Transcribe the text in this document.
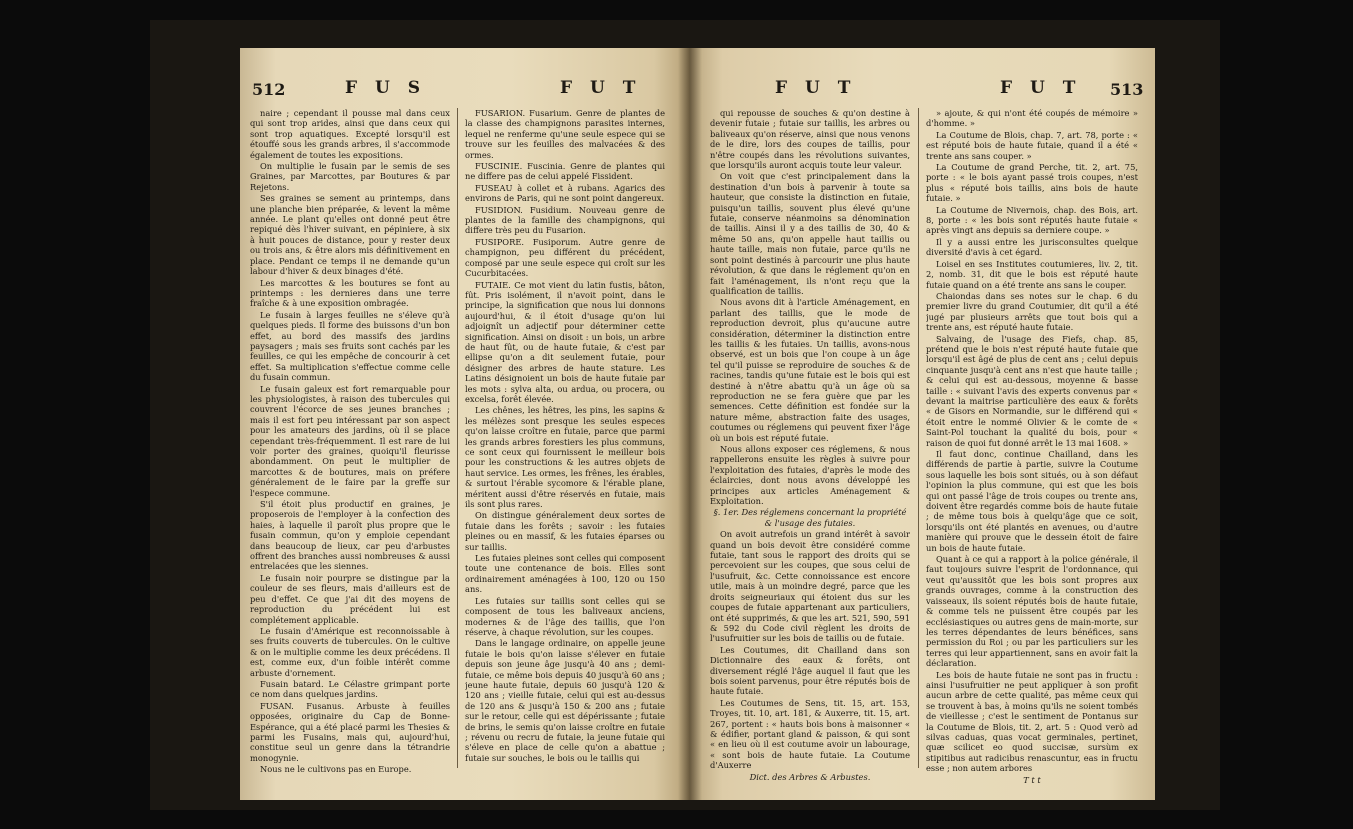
512	F U S	F U T

naire ; cependant il pousse mal dans ceux qui sont trop arides, ainsi que dans ceux qui sont trop aquatiques. Excepté lorsqu'il est étouffé sous les grands arbres, il s'accommode également de toutes les expositions.

On multiplie le fusain par le semis de ses Graines, par Marcottes, par Boutures & par Rejetons.

Ses graines se sement au printemps, dans une planche bien préparée, & levent la même année. Le plant qu'elles ont donné peut être repiqué dès l'hiver suivant, en pépiniere, à six à huit pouces de distance, pour y rester deux ou trois ans, & être alors mis définitivement en place. Pendant ce temps il ne demande qu'un labour d'hiver & deux binages d'été.

Les marcottes & les boutures se font au printemps : les dernieres dans une terre fraîche & à une exposition ombragée.

Le fusain à larges feuilles ne s'éleve qu'à quelques pieds. Il forme des buissons d'un bon effet, au bord des massifs des jardins paysagers ; mais ses fruits sont cachés par les feuilles, ce qui les empêche de concourir à cet effet. Sa multiplication s'effectue comme celle du fusain commun.

Le fusain galeux est fort remarquable pour les physiologistes, à raison des tubercules qui couvrent l'écorce de ses jeunes branches ; mais il est fort peu intéressant par son aspect pour les amateurs des jardins, où il se place cependant très-fréquemment. Il est rare de lui voir porter des graines, quoiqu'il fleurisse abondamment. On peut le multiplier de marcottes & de boutures, mais on préfere généralement de le faire par la greffe sur l'espece commune.

S'il étoit plus productif en graines, je proposerois de l'employer à la confection des haies, à laquelle il paroît plus propre que le fusain commun, qu'on y emploie cependant dans beaucoup de lieux, car peu d'arbustes offrent des branches aussi nombreuses & aussi entrelacées que les siennes.

Le fusain noir pourpre se distingue par la couleur de ses fleurs, mais d'ailleurs est de peu d'effet. Ce que j'ai dit des moyens de reproduction du précédent lui est complétement applicable.

Le fusain d'Amérique est reconnoissable à ses fruits couverts de tubercules. On le cultive & on le multiplie comme les deux précédens. Il est, comme eux, d'un foible intérêt comme arbuste d'ornement.

Fusain batard. Le Célastre grimpant porte ce nom dans quelques jardins.

FUSAN. Fusanus. Arbuste à feuilles opposées, originaire du Cap de Bonne-Espérance, qui a été placé parmi les Thesies & parmi les Fusains, mais qui, aujourd'hui, constitue seul un genre dans la tétrandrie monogynie.

Nous ne le cultivons pas en Europe.

FUSARION. Fusarium. Genre de plantes de la classe des champignons parasites internes, lequel ne renferme qu'une seule espece qui se trouve sur les feuilles des malvacées & des ormes.

FUSCINIE. Fuscinia. Genre de plantes qui ne differe pas de celui appelé Fissident.

FUSEAU à collet et à rubans. Agarics des environs de Paris, qui ne sont point dangereux.

FUSIDION. Fusidium. Nouveau genre de plantes de la famille des champignons, qui differe très peu du Fusarion.

FUSIPORE. Fusiporum. Autre genre de champignon, peu différent du précédent, composé par une seule espece qui croît sur les Cucurbitacées.

FUTAIE. Ce mot vient du latin fustis, bâton, fût. Pris isolément, il n'avoit point, dans le principe, la signification que nous lui donnons aujourd'hui, & il étoit d'usage qu'on lui adjoignît un adjectif pour déterminer cette signification. Ainsi on disoit : un bois, un arbre de haut fût, ou de haute futaie, & c'est par ellipse qu'on a dit seulement futaie, pour désigner des arbres de haute stature. Les Latins désignoient un bois de haute futaie par les mots : sylva alta, ou ardua, ou procera, ou excelsa, forêt élevée.

Les chênes, les hêtres, les pins, les sapins & les mélèzes sont presque les seules especes qu'on laisse croître en futaie, parce que parmi les grands arbres forestiers les plus communs, ce sont ceux qui fournissent le meilleur bois pour les constructions & les autres objets de haut service. Les ormes, les frênes, les érables, & surtout l'érable sycomore & l'érable plane, méritent aussi d'être réservés en futaie, mais ils sont plus rares.

On distingue généralement deux sortes de futaie dans les forêts ; savoir : les futaies pleines ou en massif, & les futaies éparses ou sur taillis.

Les futaies pleines sont celles qui composent toute une contenance de bois. Elles sont ordinairement aménagées à 100, 120 ou 150 ans.

Les futaies sur taillis sont celles qui se composent de tous les baliveaux anciens, modernes & de l'âge des taillis, que l'on réserve, à chaque révolution, sur les coupes.

Dans le langage ordinaire, on appelle jeune futaie le bois qu'on laisse s'élever en futaie depuis son jeune âge jusqu'à 40 ans ; demi-futaie, ce même bois depuis 40 jusqu'à 60 ans ; jeune haute futaie, depuis 60 jusqu'à 120 & 120 ans ; vieille futaie, celui qui est au-dessus de 120 ans & jusqu'à 150 & 200 ans ; futaie sur le retour, celle qui est dépérissante ; futaie de brins, le semis qu'on laisse croître en futaie ; révenu ou recru de futaie, la jeune futaie qui s'éleve en place de celle qu'on a abattue ; futaie sur souches, le bois ou le taillis qui

F U T	F U T 513

qui repousse de souches & qu'on destine à devenir futaie ; futaie sur taillis, les arbres ou baliveaux qu'on réserve, ainsi que nous venons de le dire, lors des coupes de taillis, pour n'être coupés dans les révolutions suivantes, que lorsqu'ils auront acquis toute leur valeur.

On voit que c'est principalement dans la destination d'un bois à parvenir à toute sa hauteur, que consiste la distinction en futaie, puisqu'un taillis, souvent plus élevé qu'une futaie, conserve néanmoins sa dénomination de taillis. Ainsi il y a des taillis de 30, 40 & même 50 ans, qu'on appelle haut taillis ou haute taille, mais non futaie, parce qu'ils ne sont point destinés à parcourir une plus haute révolution, & que dans le réglement qu'on en fait l'aménagement, ils n'ont reçu que la qualification de taillis.

Nous avons dit à l'article Aménagement, en parlant des taillis, que le mode de reproduction devroit, plus qu'aucune autre considération, déterminer la distinction entre les taillis & les futaies. Un taillis, avons-nous observé, est un bois que l'on coupe à un âge tel qu'il puisse se reproduire de souches & de racines, tandis qu'une futaie est le bois qui est destiné à n'être abattu qu'à un âge où sa reproduction ne se fera guère que par les semences. Cette définition est fondée sur la nature même, abstraction faite des usages, coutumes ou réglemens qui peuvent fixer l'âge où un bois est réputé futaie.

Nous allons exposer ces réglemens, & nous rappellerons ensuite les règles à suivre pour l'exploitation des futaies, d'après le mode des éclaircies, dont nous avons développé les principes aux articles Aménagement & Exploitation.

§. 1er. Des réglemens concernant la propriété & l'usage des futaies.

On avoit autrefois un grand intérêt à savoir quand un bois devoit être considéré comme futaie, tant sous le rapport des droits qui se percevoient sur les coupes, que sous celui de l'usufruit, &c. Cette connoissance est encore utile, mais à un moindre degré, parce que les droits seigneuriaux qui étoient dus sur les coupes de futaie appartenant aux particuliers, ont été supprimés, & que les art. 521, 590, 591 & 592 du Code civil règlent les droits de l'usufruitier sur les bois de taillis ou de futaie.

Les Coutumes, dit Chailland dans son Dictionnaire des eaux & forêts, ont diversement réglé l'âge auquel il faut que les bois soient parvenus, pour être réputés bois de haute futaie.

Les Coutumes de Sens, tit. 15, art. 153, Troyes, tit. 10, art. 181, & Auxerre, tit. 15, art. 267, portent : « hauts bois bons à maisonner « & édifier, portant gland & paisson, & qui sont « en lieu où il est coutume avoir un labourage, « sont bois de haute futaie. La Coutume d'Auxerre

Dict. des Arbres & Arbustes.

» ajoute, & qui n'ont été coupés de mémoire » d'homme. »

La Coutume de Blois, chap. 7, art. 78, porte : « est réputé bois de haute futaie, quand il a été « trente ans sans couper. »

La Coutume de grand Perche, tit. 2, art. 75, porte : « le bois ayant passé trois coupes, n'est plus « réputé bois taillis, ains bois de haute futaie. »

La Coutume de Nivernois, chap. des Bois, art. 8, porte : « les bois sont réputés haute futaie « après vingt ans depuis sa derniere coupe. »

Il y a aussi entre les jurisconsultes quelque diversité d'avis à cet égard.

Loisel en ses Institutes coutumieres, liv. 2, tit. 2, nomb. 31, dit que le bois est réputé haute futaie quand on a été trente ans sans le couper.

Chaiondas dans ses notes sur le chap. 6 du premier livre du grand Coutumier, dit qu'il a été jugé par plusieurs arrêts que tout bois qui a trente ans, est réputé haute futaie.

Salvaing, de l'usage des Fiefs, chap. 85, prétend que le bois n'est réputé haute futaie que lorsqu'il est âgé de plus de cent ans ; celui depuis cinquante jusqu'à cent ans n'est que haute taille ; & celui qui est au-dessous, moyenne & basse taille : « suivant l'avis des experts convenus par « devant la maitrise particulière des eaux & forêts « de Gisors en Normandie, sur le différend qui « étoit entre le nommé Olivier & le comte de « Saint-Pol touchant la qualité du bois, pour « raison de quoi fut donné arrêt le 13 mai 1608. »

Il faut donc, continue Chailland, dans les différends de partie à partie, suivre la Coutume sous laquelle les bois sont situés, ou à son défaut l'opinion la plus commune, qui est que les bois qui ont passé l'âge de trois coupes ou trente ans, doivent être regardés comme bois de haute futaie ; de même tous bois à quelqu'âge que ce soit, lorsqu'ils ont été plantés en avenues, ou d'autre manière qui prouve que le dessein étoit de faire un bois de haute futaie.

Quant à ce qui a rapport à la police générale, il faut toujours suivre l'esprit de l'ordonnance, qui veut qu'aussitôt que les bois sont propres aux grands ouvrages, comme à la construction des vaisseaux, ils soient réputés bois de haute futaie, & comme tels ne puissent être coupés par les ecclésiastiques ou autres gens de main-morte, sur les terres dépendantes de leurs bénéfices, sans permission du Roi ; ou par les particuliers sur les terres qui leur appartiennent, sans en avoir fait la déclaration.

Les bois de haute futaie ne sont pas in fructu : ainsi l'usufruitier ne peut appliquer à son profit aucun arbre de cette qualité, pas même ceux qui se trouvent à bas, à moins qu'ils ne soient tombés de vieillesse ; c'est le sentiment de Pontanus sur la Coutume de Blois, tit. 2, art. 5 : Quod verò ad silvas caduas, quas vocat germinales, pertinet, quæ scilicet eo quod succisæ, sursùm ex stipitibus aut radicibus renascuntur, eas in fructu esse ; non autem arbores

T t t
